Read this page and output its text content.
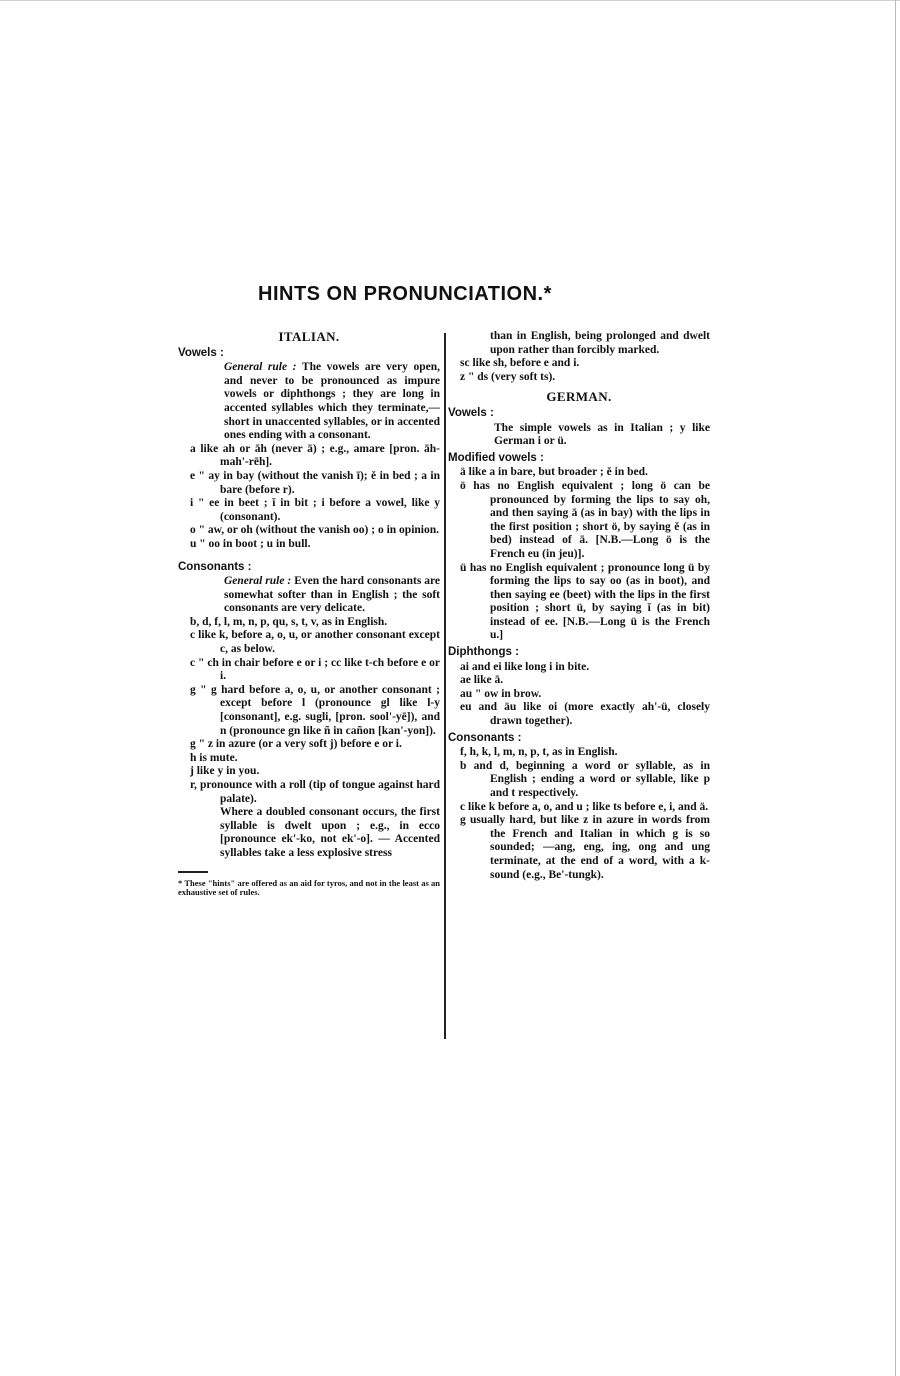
HINTS ON PRONUNCIATION.*
ITALIAN.
Vowels :

General rule : The vowels are very open, and never to be pronounced as impure vowels or diphthongs ; they are long in accented syllables which they terminate,—short in unaccented syllables, or in accented ones ending with a consonant.

a like ah or āh (never ā) ; e.g., amare [pron. āh-mah'-rēh].

e " ay in bay (without the vanish ī); ě in bed ; a in bare (before r).

i " ee in beet ; ĭ in bit ; i before a vowel, like y (consonant).

o " aw, or oh (without the vanish oo) ; o in opinion.

u " oo in boot ; u in bull.

Consonants :

General rule : Even the hard consonants are somewhat softer than in English ; the soft consonants are very delicate.

b, d, f, l, m, n, p, qu, s, t, v, as in English.

c like k, before a, o, u, or another consonant except c, as below.

c " ch in chair before e or i ; cc like t-ch before e or i.

g " g hard before a, o, u, or another consonant ; except before l (pronounce gl like l-y [consonant], e.g. sugli, [pron. sool'-yē]), and n (pronounce gn like ñ in cañon [kan'-yon]).

g " z in azure (or a very soft j) before e or i.

h is mute.

j like y in you.

r, pronounce with a roll (tip of tongue against hard palate).

Where a doubled consonant occurs, the first syllable is dwelt upon ; e.g., in ecco [pronounce ek'-ko, not ek'-o]. — Accented syllables take a less explosive stress

* These "hints" are offered as an aid for tyros, and not in the least as an exhaustive set of rules.

than in English, being prolonged and dwelt upon rather than forcibly marked.

sc like sh, before e and i.

z " ds (very soft ts).

GERMAN.
Vowels :

The simple vowels as in Italian ; y like German i or ü.

Modified vowels :

ä like a in bare, but broader ; ě in bed.

ö has no English equivalent ; long ö can be pronounced by forming the lips to say oh, and then saying ā (as in bay) with the lips in the first position ; short ö, by saying ě (as in bed) instead of ā. [N.B.—Long ö is the French eu (in jeu)].

ü has no English equivalent ; pronounce long ü by forming the lips to say oo (as in boot), and then saying ee (beet) with the lips in the first position ; short ü, by saying ĭ (as in bit) instead of ee. [N.B.—Long ü is the French u.]

Diphthongs :

ai and ei like long i in bite.

ae like ā.

au " ow in brow.

eu and äu like oi (more exactly ah'-ü, closely drawn together).

Consonants :

f, h, k, l, m, n, p, t, as in English.

b and d, beginning a word or syllable, as in English ; ending a word or syllable, like p and t respectively.

c like k before a, o, and u ; like ts before e, i, and ä.

g usually hard, but like z in azure in words from the French and Italian in which g is so sounded; —ang, eng, ing, ong and ung terminate, at the end of a word, with a k-sound (e.g., Be'-tungk).
